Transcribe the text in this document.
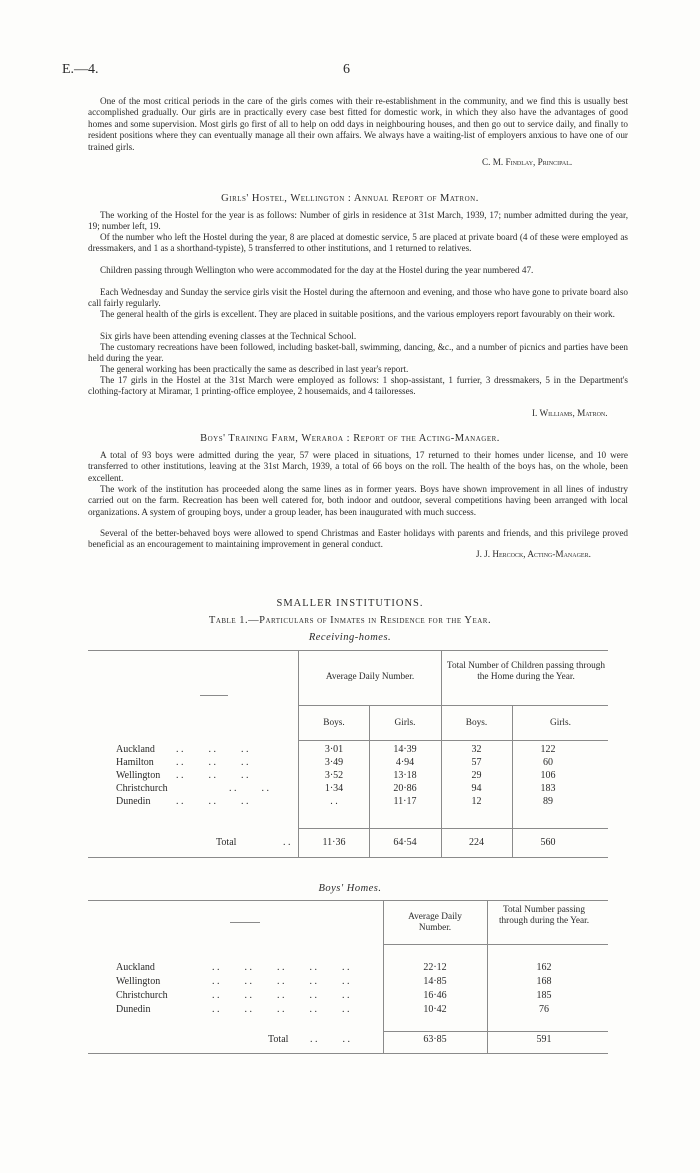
E.—4.	6

One of the most critical periods in the care of the girls comes with their re-establishment in the community, and we find this is usually best accomplished gradually. Our girls are in practically every case best fitted for domestic work, in which they also have the advantages of good homes and some supervision. Most girls go first of all to help on odd days in neighbouring houses, and then go out to service daily, and finally to resident positions where they can eventually manage all their own affairs. We always have a waiting-list of employers anxious to have one of our trained girls.

C. M. Findlay, Principal.
Girls' Hostel, Wellington : Annual Report of Matron.

The working of the Hostel for the year is as follows: Number of girls in residence at 31st March, 1939, 17; number admitted during the year, 19; number left, 19.

Of the number who left the Hostel during the year, 8 are placed at domestic service, 5 are placed at private board (4 of these were employed as dressmakers, and 1 as a shorthand-typiste), 5 transferred to other institutions, and 1 returned to relatives.

Children passing through Wellington who were accommodated for the day at the Hostel during the year numbered 47.

Each Wednesday and Sunday the service girls visit the Hostel during the afternoon and evening, and those who have gone to private board also call fairly regularly.

The general health of the girls is excellent. They are placed in suitable positions, and the various employers report favourably on their work.

Six girls have been attending evening classes at the Technical School.

The customary recreations have been followed, including basket-ball, swimming, dancing, &c., and a number of picnics and parties have been held during the year.

The general working has been practically the same as described in last year's report.

The 17 girls in the Hostel at the 31st March were employed as follows: 1 shop-assistant, 1 furrier, 3 dressmakers, 5 in the Department's clothing-factory at Miramar, 1 printing-office employee, 2 housemaids, and 4 tailoresses.

I. Williams, Matron.
Boys' Training Farm, Weraroa : Report of the Acting-Manager.

A total of 93 boys were admitted during the year, 57 were placed in situations, 17 returned to their homes under license, and 10 were transferred to other institutions, leaving at the 31st March, 1939, a total of 66 boys on the roll. The health of the boys has, on the whole, been excellent.

The work of the institution has proceeded along the same lines as in former years. Boys have shown improvement in all lines of industry carried out on the farm. Recreation has been well catered for, both indoor and outdoor, several competitions having been arranged with local organizations. A system of grouping boys, under a group leader, has been inaugurated with much success.

Several of the better-behaved boys were allowed to spend Christmas and Easter holidays with parents and friends, and this privilege proved beneficial as an encouragement to maintaining improvement in general conduct.

J. J. Hercock, Acting-Manager.
SMALLER INSTITUTIONS.
Table 1.—Particulars of Inmates in Residence for the Year.
Receiving-homes.
Average Daily Number.
Total Number of Children passing through the Home during the Year.
Boys.	Girls.	Boys.	Girls.
Auckland . .          . .          . .	3·01	14·39	32	122
Hamilton . .          . .          . .	3·49	4·94	57	60
Wellington . .          . .          . .	3·52	13·18	29	106
Christchurch	. .          . .	1·34	20·86	94	183
Dunedin	. .          . .          . .	. .	11·17	12	89
Total	. .	11·36	64·54	224	560
Boys' Homes.
Average Daily Number.
Total Number passing through during the Year.
Auckland	. .          . .          . .          . .          . .	22·12	162
Wellington	. .          . .          . .          . .          . .	14·85	168
Christchurch	. .          . .          . .          . .          . .	16·46	185
Dunedin	. .          . .          . .          . .          . .	10·42	76
Total . .          . .	63·85	591
